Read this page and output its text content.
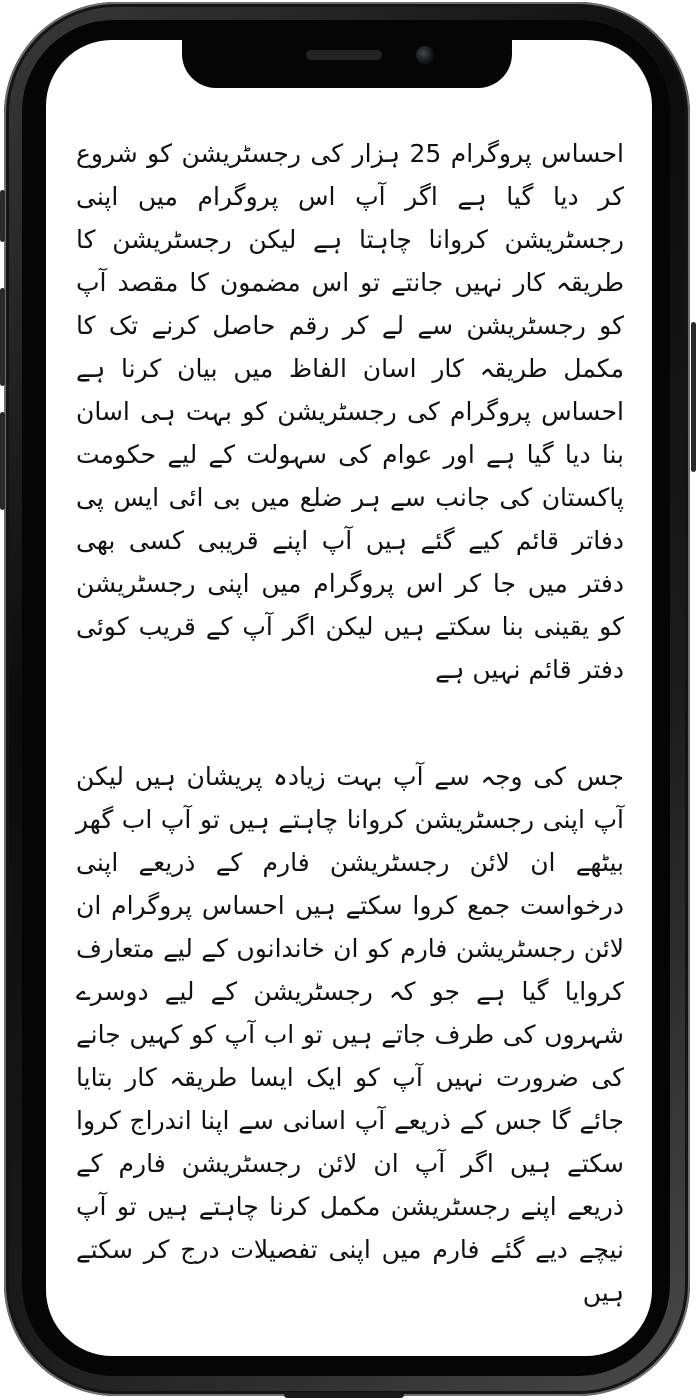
احساس پروگرام 25 ہزار کی رجسٹریشن کو شروع کر دیا گیا ہے اگر آپ اس پروگرام میں اپنی رجسٹریشن کروانا چاہتا ہے لیکن رجسٹریشن کا طریقہ کار نہیں جانتے تو اس مضمون کا مقصد آپ کو رجسٹریشن سے لے کر رقم حاصل کرنے تک کا مکمل طریقہ کار اسان الفاظ میں بیان کرنا ہے احساس پروگرام کی رجسٹریشن کو بہت ہی اسان بنا دیا گیا ہے اور عوام کی سہولت کے لیے حکومت پاکستان کی جانب سے ہر ضلع میں بی ائی ایس پی دفاتر قائم کیے گئے ہیں آپ اپنے قریبی کسی بھی دفتر میں جا کر اس پروگرام میں اپنی رجسٹریشن کو یقینی بنا سکتے ہیں لیکن اگر آپ کے قریب کوئی دفتر قائم نہیں ہے

جس کی وجہ سے آپ بہت زیادہ پریشان ہیں لیکن آپ اپنی رجسٹریشن کروانا چاہتے ہیں تو آپ اب گھر بیٹھے ان لائن رجسٹریشن فارم کے ذریعے اپنی درخواست جمع کروا سکتے ہیں احساس پروگرام ان لائن رجسٹریشن فارم کو ان خاندانوں کے لیے متعارف کروایا گیا ہے جو کہ رجسٹریشن کے لیے دوسرے شہروں کی طرف جاتے ہیں تو اب آپ کو کہیں جانے کی ضرورت نہیں آپ کو ایک ایسا طریقہ کار بتایا جائے گا جس کے ذریعے آپ اسانی سے اپنا اندراج کروا سکتے ہیں اگر آپ ان لائن رجسٹریشن فارم کے ذریعے اپنے رجسٹریشن مکمل کرنا چاہتے ہیں تو آپ نیچے دیے گئے فارم میں اپنی تفصیلات درج کر سکتے ہیں
